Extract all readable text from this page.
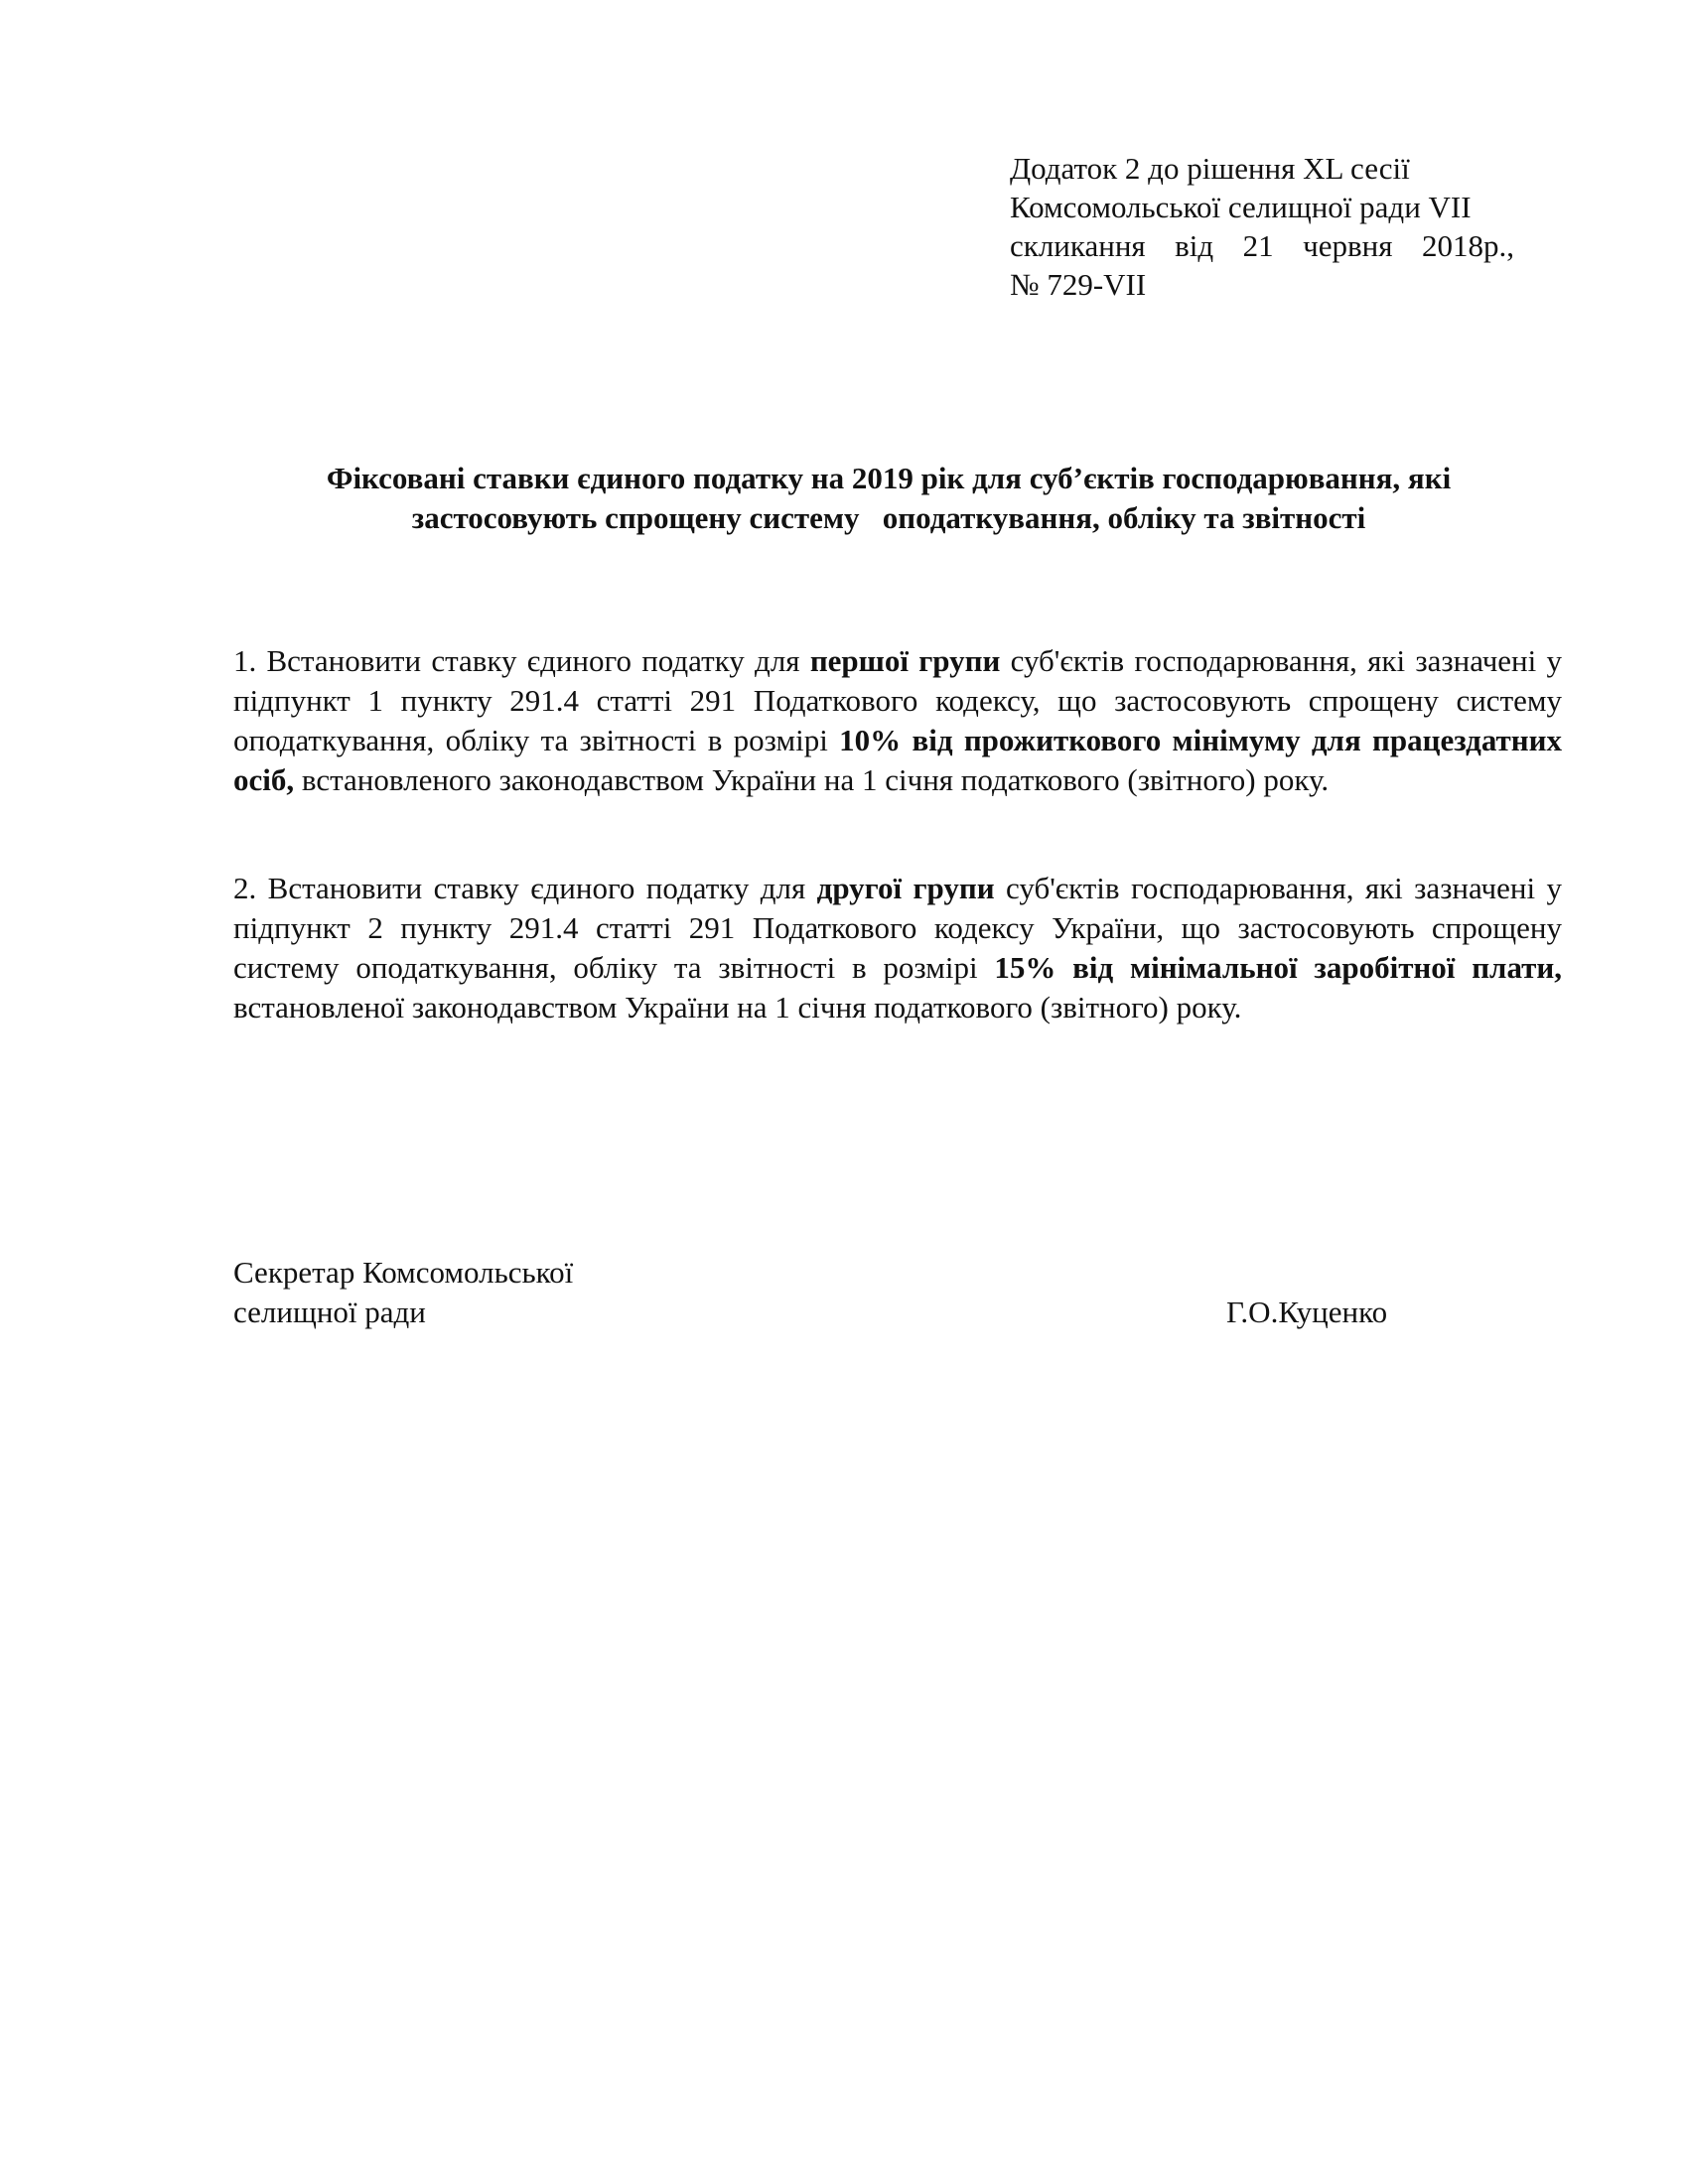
Додаток 2 до рішення XL сесії
Комсомольської селищної ради VII
скликання від 21 червня 2018р.,
№ 729-VII
Фіксовані ставки єдиного податку на 2019 рік для суб’єктів господарювання, які
застосовують спрощену систему   оподаткування, обліку та звітності

1. Встановити ставку єдиного податку для першої групи суб'єктів господарювання, які зазначені у підпункт 1 пункту 291.4 статті 291 Податкового кодексу, що застосовують спрощену систему оподаткування, обліку та звітності в розмірі 10% від прожиткового мінімуму для працездатних осіб, встановленого законодавством України на 1 січня податкового (звітного) року.

2. Встановити ставку єдиного податку для другої групи суб'єктів господарювання, які зазначені у підпункт 2 пункту 291.4 статті 291 Податкового кодексу України, що застосовують спрощену систему оподаткування, обліку та звітності в розмірі 15% від мінімальної заробітної плати, встановленої законодавством України на 1 січня податкового (звітного) року.

Секретар Комсомольської
селищної ради	Г.О.Куценко
